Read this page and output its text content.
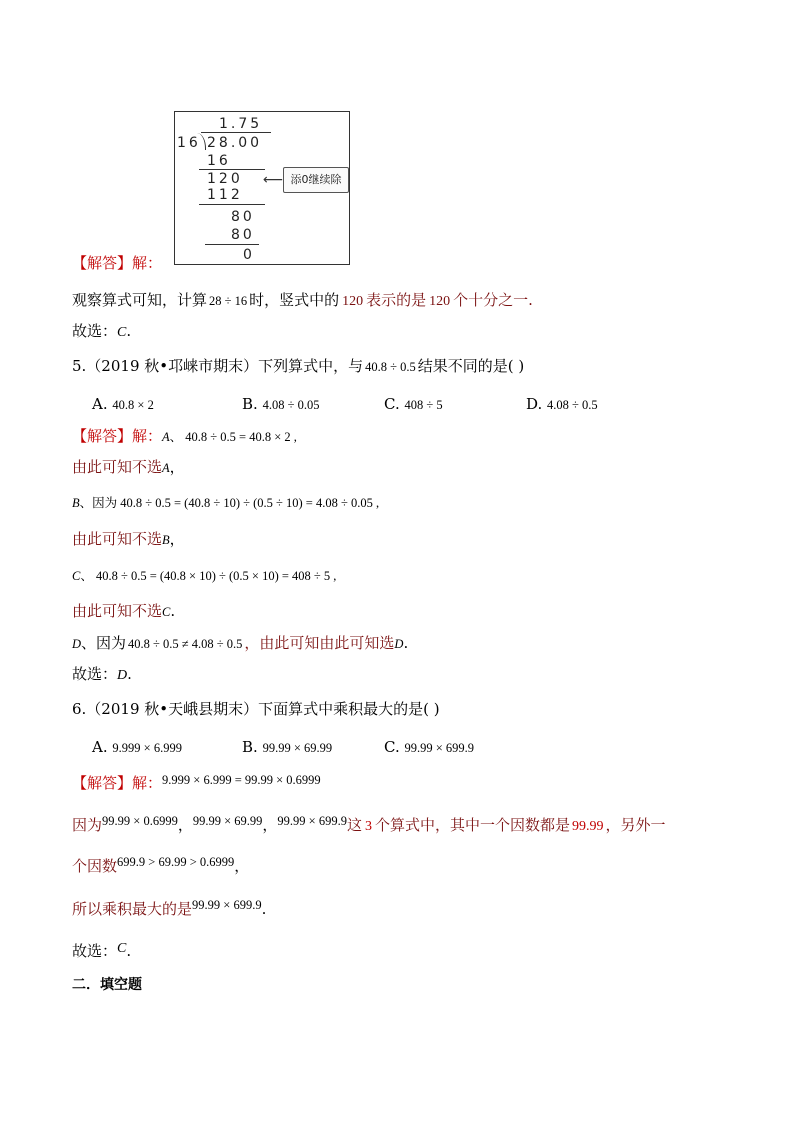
1.75
16 28.00
16
120
112
80
80
0
⟵ 添0继续除
【解答】解：
观察算式可知，计算 28 ÷ 16 时，竖式中的 120 表示的是 120 个十分之一.
故选：C.
5.（2019 秋•邛崃市期末）下列算式中，与 40.8 ÷ 0.5 结果不同的是( )
A. 40.8 × 2	B. 4.08 ÷ 0.05	C. 408 ÷ 5	D. 4.08 ÷ 0.5
【解答】解：A、 40.8 ÷ 0.5 = 40.8 × 2 ,
由此可知不选A，
B、因为 40.8 ÷ 0.5 = (40.8 ÷ 10) ÷ (0.5 ÷ 10) = 4.08 ÷ 0.05 ,
由此可知不选B，
C、 40.8 ÷ 0.5 = (40.8 × 10) ÷ (0.5 × 10) = 408 ÷ 5 ,
由此可知不选C.
D、因为 40.8 ÷ 0.5 ≠ 4.08 ÷ 0.5 ，由此可知由此可知选D.
故选：D.
6.（2019 秋•天峨县期末）下面算式中乘积最大的是( )
A. 9.999 × 6.999	B. 99.99 × 69.99	C. 99.99 × 699.9
【解答】解：$^{9.999 \times 6.999 = 99.99 \times 0.6999}$
因为$^{99.99 \times 0.6999}$，$^{99.99 \times 69.99}$，$^{99.99 \times 699.9}$这 3 个算式中，其中一个因数都是 99.99 ，另外一
个因数$^{699.9 > 69.99 > 0.6999}$，
所以乘积最大的是$^{99.99 \times 699.9}$.
故选：C.
二．填空题
